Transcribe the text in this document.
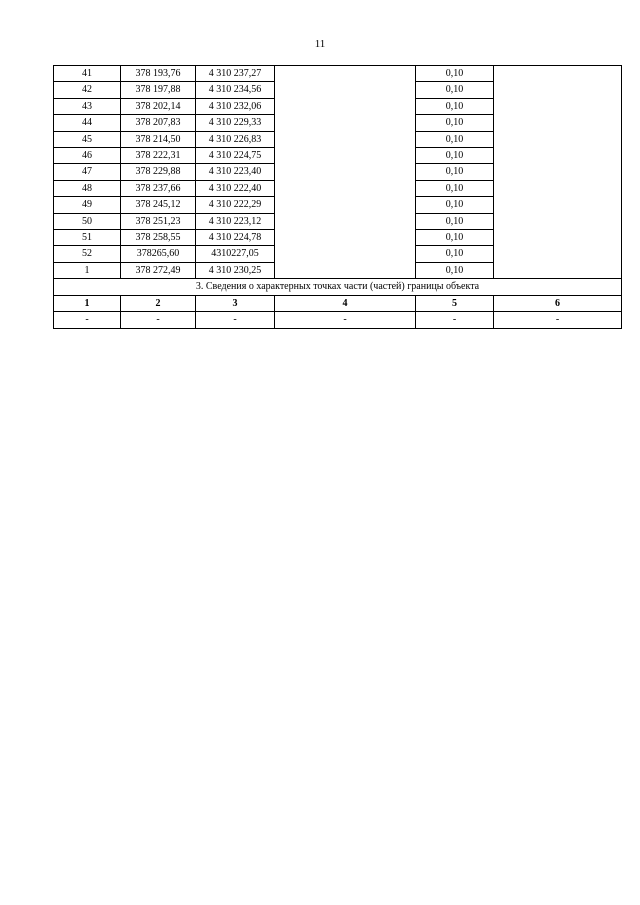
11
41	378 193,76	4 310 237,27		0,10	
42	378 197,88	4 310 234,56		0,10	
43	378 202,14	4 310 232,06		0,10	
44	378 207,83	4 310 229,33		0,10	
45	378 214,50	4 310 226,83		0,10	
46	378 222,31	4 310 224,75		0,10	
47	378 229,88	4 310 223,40		0,10	
48	378 237,66	4 310 222,40		0,10	
49	378 245,12	4 310 222,29		0,10	
50	378 251,23	4 310 223,12		0,10	
51	378 258,55	4 310 224,78		0,10	
52	378265,60	4310227,05		0,10	
1	378 272,49	4 310 230,25		0,10	
3. Сведения о характерных точках части (частей) границы объекта					
1	2	3	4	5	6
-	-	-	-	-	-
